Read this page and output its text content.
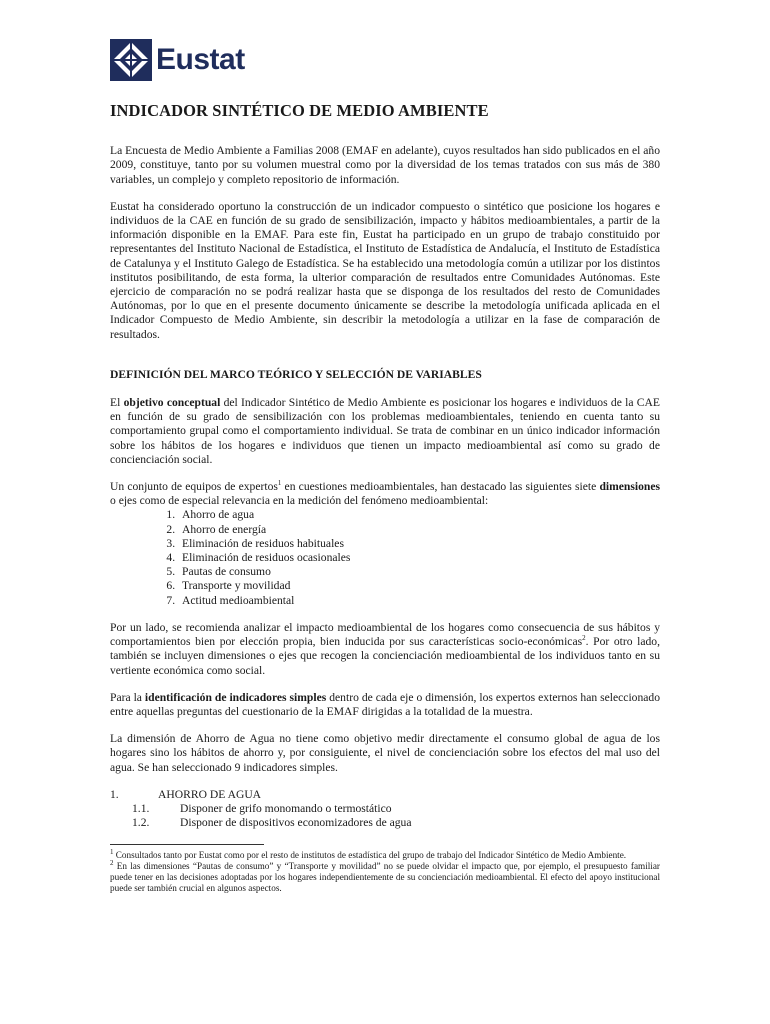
Eustat
INDICADOR SINTÉTICO DE MEDIO AMBIENTE

La Encuesta de Medio Ambiente a Familias 2008 (EMAF en adelante), cuyos resultados han sido publicados en el año 2009, constituye, tanto por su volumen muestral como por la diversidad de los temas tratados con sus más de 380 variables, un complejo y completo repositorio de información.

Eustat ha considerado oportuno la construcción de un indicador compuesto o sintético que posicione los hogares e individuos de la CAE en función de su grado de sensibilización, impacto y hábitos medioambientales, a partir de la información disponible en la EMAF. Para este fin, Eustat ha participado en un grupo de trabajo constituido por representantes del Instituto Nacional de Estadística, el Instituto de Estadística de Andalucía, el Instituto de Estadística de Catalunya y el Instituto Galego de Estadística. Se ha establecido una metodología común a utilizar por los distintos institutos posibilitando, de esta forma, la ulterior comparación de resultados entre Comunidades Autónomas. Este ejercicio de comparación no se podrá realizar hasta que se disponga de los resultados del resto de Comunidades Autónomas, por lo que en el presente documento únicamente se describe la metodología unificada aplicada en el Indicador Compuesto de Medio Ambiente, sin describir la metodología a utilizar en la fase de comparación de resultados.

DEFINICIÓN DEL MARCO TEÓRICO Y SELECCIÓN DE VARIABLES

El objetivo conceptual del Indicador Sintético de Medio Ambiente es posicionar los hogares e individuos de la CAE en función de su grado de sensibilización con los problemas medioambientales, teniendo en cuenta tanto su comportamiento grupal como el comportamiento individual. Se trata de combinar en un único indicador información sobre los hábitos de los hogares e individuos que tienen un impacto medioambiental así como su grado de concienciación social.

Un conjunto de equipos de expertos$^1$ en cuestiones medioambientales, han destacado las siguientes siete dimensiones o ejes como de especial relevancia en la medición del fenómeno medioambiental:

1. Ahorro de agua
2. Ahorro de energía
3. Eliminación de residuos habituales
4. Eliminación de residuos ocasionales
5. Pautas de consumo
6. Transporte y movilidad
7. Actitud medioambiental

Por un lado, se recomienda analizar el impacto medioambiental de los hogares como consecuencia de sus hábitos y comportamientos bien por elección propia, bien inducida por sus características socio-económicas$^2$. Por otro lado, también se incluyen dimensiones o ejes que recogen la concienciación medioambiental de los individuos tanto en su vertiente económica como social.

Para la identificación de indicadores simples dentro de cada eje o dimensión, los expertos externos han seleccionado entre aquellas preguntas del cuestionario de la EMAF dirigidas a la totalidad de la muestra.

La dimensión de Ahorro de Agua no tiene como objetivo medir directamente el consumo global de agua de los hogares sino los hábitos de ahorro y, por consiguiente, el nivel de concienciación sobre los efectos del mal uso del agua. Se han seleccionado 9 indicadores simples.

1.	AHORRO DE AGUA
1.1.	Disponer de grifo monomando o termostático
1.2.	Disponer de dispositivos economizadores de agua

$^1$ Consultados tanto por Eustat como por el resto de institutos de estadística del grupo de trabajo del Indicador Sintético de Medio Ambiente.

$^2$ En las dimensiones “Pautas de consumo” y “Transporte y movilidad” no se puede olvidar el impacto que, por ejemplo, el presupuesto familiar puede tener en las decisiones adoptadas por los hogares independientemente de su concienciación medioambiental. El efecto del apoyo institucional puede ser también crucial en algunos aspectos.
